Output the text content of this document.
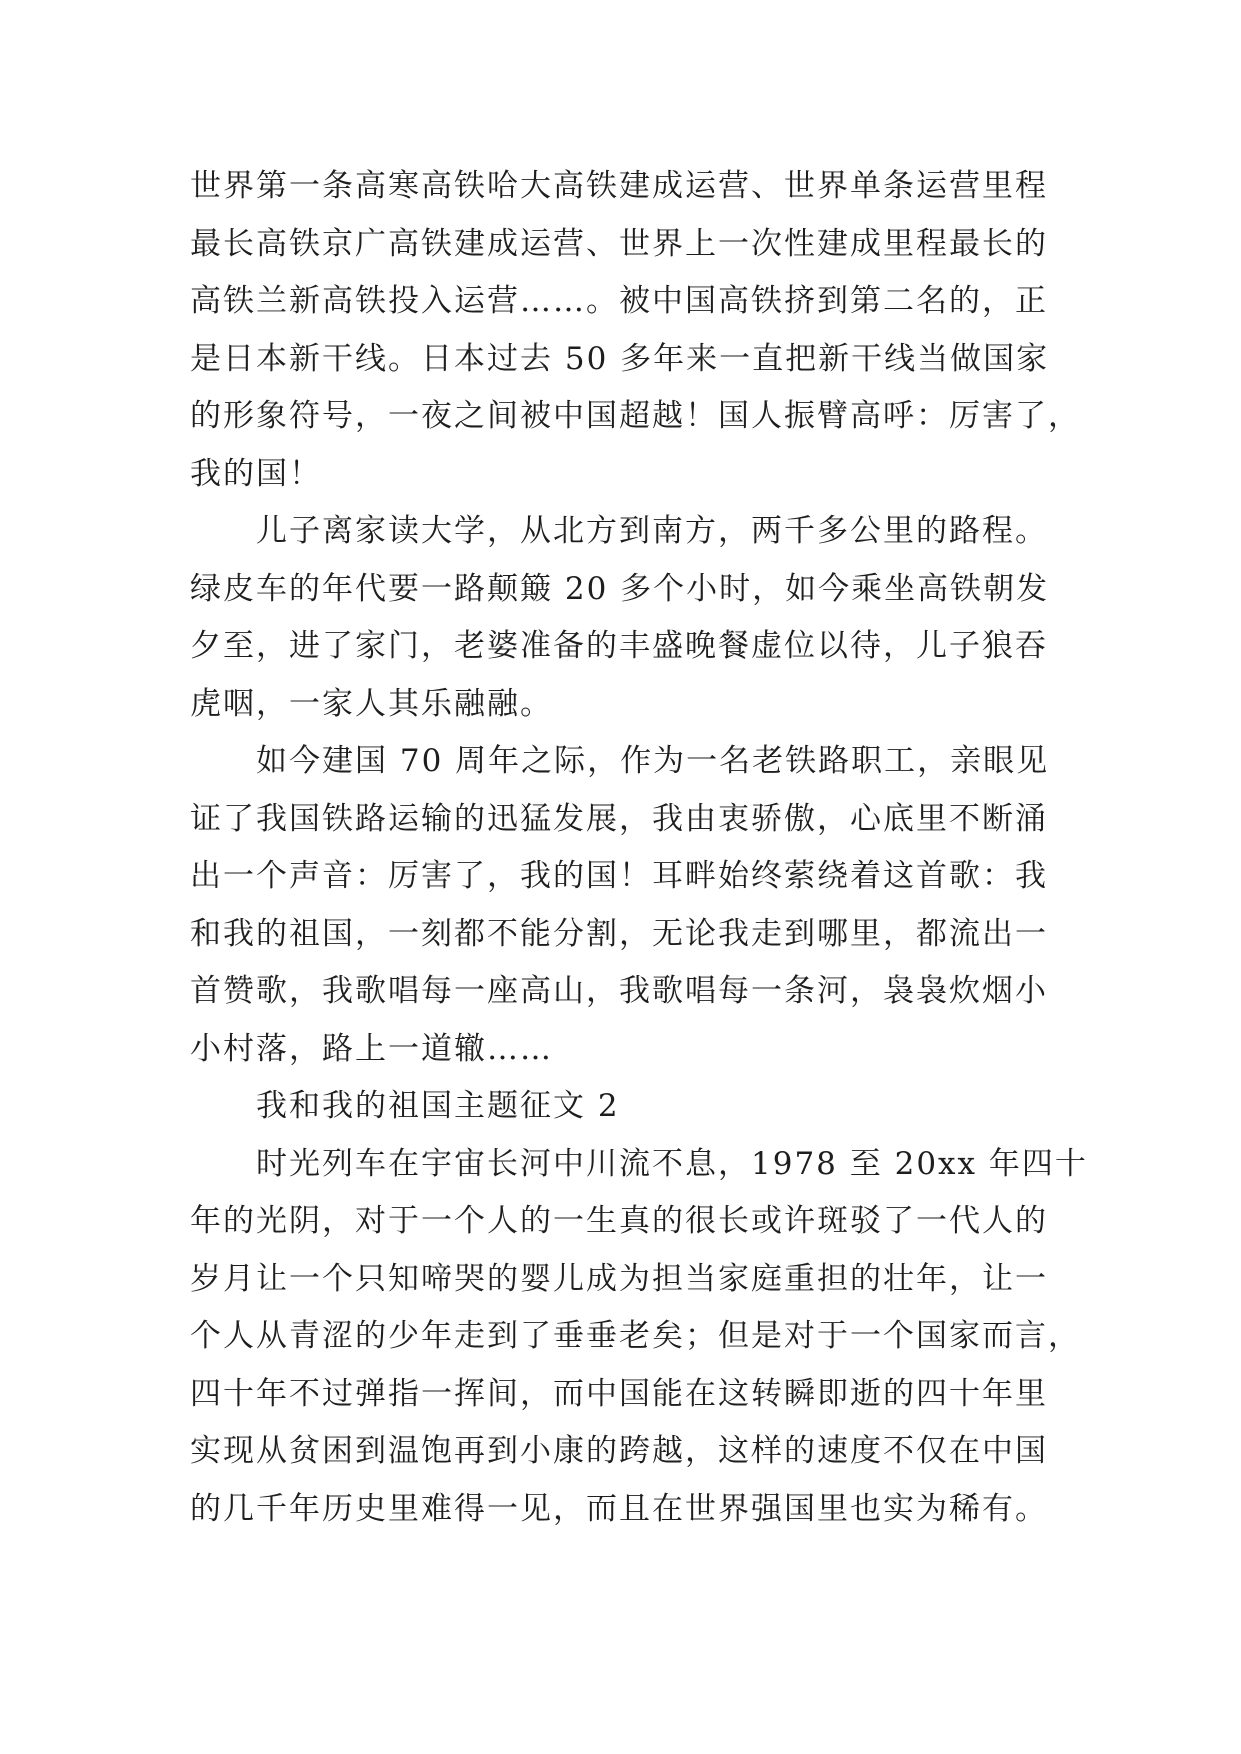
世界第一条高寒高铁哈大高铁建成运营、世界单条运营里程
最长高铁京广高铁建成运营、世界上一次性建成里程最长的
高铁兰新高铁投入运营……。被中国高铁挤到第二名的，正
是日本新干线。日本过去 50 多年来一直把新干线当做国家
的形象符号，一夜之间被中国超越！国人振臂高呼：厉害了，
我的国！
儿子离家读大学，从北方到南方，两千多公里的路程。
绿皮车的年代要一路颠簸 20 多个小时，如今乘坐高铁朝发
夕至，进了家门，老婆准备的丰盛晚餐虚位以待，儿子狼吞
虎咽，一家人其乐融融。
如今建国 70 周年之际，作为一名老铁路职工，亲眼见
证了我国铁路运输的迅猛发展，我由衷骄傲，心底里不断涌
出一个声音：厉害了，我的国！耳畔始终萦绕着这首歌：我
和我的祖国，一刻都不能分割，无论我走到哪里，都流出一
首赞歌，我歌唱每一座高山，我歌唱每一条河，袅袅炊烟小
小村落，路上一道辙……
我和我的祖国主题征文 2
时光列车在宇宙长河中川流不息，1978 至 20xx 年四十
年的光阴，对于一个人的一生真的很长或许斑驳了一代人的
岁月让一个只知啼哭的婴儿成为担当家庭重担的壮年，让一
个人从青涩的少年走到了垂垂老矣；但是对于一个国家而言，
四十年不过弹指一挥间，而中国能在这转瞬即逝的四十年里
实现从贫困到温饱再到小康的跨越，这样的速度不仅在中国
的几千年历史里难得一见，而且在世界强国里也实为稀有。
